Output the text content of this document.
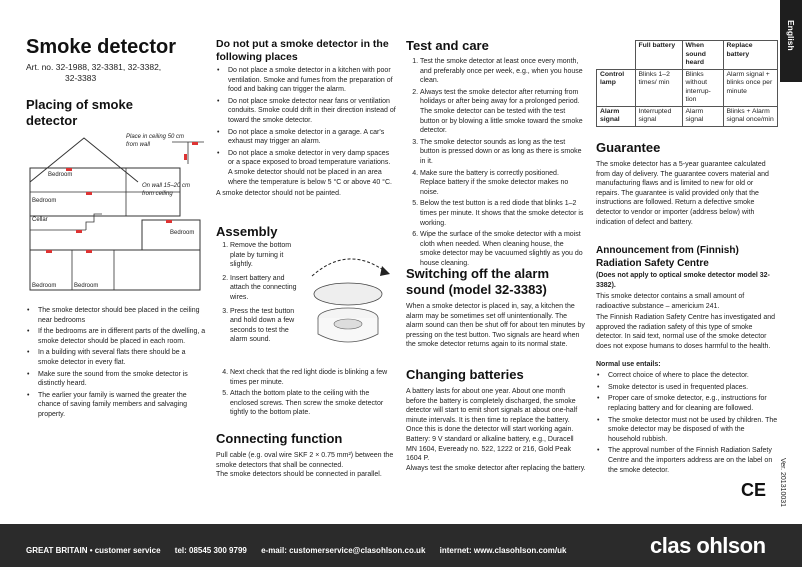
English
Smoke detector
Art. no. 32-1988, 32-3381, 32-3382,
32-3383
Placing of smoke detector
Place in ceiling 50 cm from wall
On wall 15–20 cm from ceiling
Bedroom
Bedroom
Cellar
Bedroom
Bedroom	Bedroom
• The smoke detector should bee placed in the ceiling near bedrooms
• If the bedrooms are in different parts of the dwelling, a smoke detector should be placed in each room.
• In a building with several flats there should be a smoke detector in every flat.
• Make sure the sound from the smoke detector is distinctly heard.
• The earlier your family is warned the greater the chance of saving family members and salvaging property.
Do not put a smoke detector in the following places
• Do not place a smoke detector in a kitchen with poor ventilation. Smoke and fumes from the preparation of food and baking can trigger the alarm.
• Do not place smoke detector near fans or ventilation conduits. Smoke could drift in their direction instead of toward the smoke detector.
• Do not place a smoke detector in a garage. A car's exhaust may trigger an alarm.
• Do not place a smoke detector in very damp spaces or a space exposed to broad temperature variations. A smoke detector should not be placed in an area where the temperature is below 5 °C or above 40 °C.
A smoke detector should not be painted.
Assembly
1. Remove the bottom plate by turning it slightly.
2. Insert battery and attach the connecting wires.
3. Press the test button and hold down a few seconds to test the alarm sound.
4. Next check that the red light diode is blinking a few times per minute.
5. Attach the bottom plate to the ceiling with the enclosed screws. Then screw the smoke detector tightly to the bottom plate.
Connecting function
Pull cable (e.g. oval wire SKF 2 × 0.75 mm²) between the smoke detectors that shall be connected.
The smoke detectors should be connected in parallel.
Test and care
1. Test the smoke detector at least once every month, and preferably once per week, e.g., when you house clean.
2. Always test the smoke detector after returning from holidays or after being away for a prolonged period. The smoke detector can be tested with the test button or by blowing a little smoke toward the smoke detector.
3. The smoke detector sounds as long as the test button is pressed down or as long as there is smoke in it.
4. Make sure the battery is correctly positioned. Replace battery if the smoke detector makes no noise.
5. Below the test button is a red diode that blinks 1–2 times per minute. It shows that the smoke detector is working.
6. Wipe the surface of the smoke detector with a moist cloth when needed. When cleaning house, the smoke detector may be vacuumed slightly as you do house cleaning.
Switching off the alarm sound (model 32-3383)
When a smoke detector is placed in, say, a kitchen the alarm may be sometimes set off unintentionally. The alarm sound can then be shut off for about ten minutes by pressing on the test button. Two signals are heard when the smoke detector returns again to its normal state.
Changing batteries
A battery lasts for about one year. About one month before the battery is completely discharged, the smoke detector will start to emit short signals at about one-half minute intervals. It is then time to replace the battery. Once this is done the detector will start working again.
Battery: 9 V standard or alkaline battery, e.g., Duracell MN 1604, Eveready no. 522, 1222 or 216, Gold Peak 1604 P.
Always test the smoke detector after replacing the battery.
	Full battery	When sound heard	Replace battery
Control lamp	Blinks 1–2 times/ min	Blinks without interrup- tion	Alarm signal + blinks once per minute
Alarm signal	Interrupted signal	Alarm signal	Blinks + Alarm signal once/min
Guarantee
The smoke detector has a 5-year guarantee calculated from day of delivery. The guarantee covers material and manufacturing flaws and is limited to new for old or repairs. The guarantee is valid provided only that the instructions are followed. Return a defective smoke detector to vendor or importer (address below) with indication of defect and battery.
Announcement from (Finnish) Radiation Safety Centre
(Does not apply to optical smoke detector model 32-3382).
This smoke detector contains a small amount of radioactive substance – americium 241.
The Finnish Radiation Safety Centre has investigated and approved the radiation safety of this type of smoke detector. In said text, normal use of the smoke detector does not expose humans to doses harmful to the health.
Normal use entails:
• Correct choice of where to place the detector.
• Smoke detector is used in frequented places.
• Proper care of smoke detector, e.g., instructions for replacing battery and for cleaning are followed.
• The smoke detector must not be used by children. The smoke detector may be disposed of with the household rubbish.
• The approval number of the Finnish Radiation Safety Centre and the importers address are on the label on the smoke detector.
CE Ver. 201310031
GREAT BRITAIN • customer service tel: 08545 300 9799 e-mail: customerservice@clasohlson.co.uk internet: www.clasohlson.com/uk	clas ohlson
